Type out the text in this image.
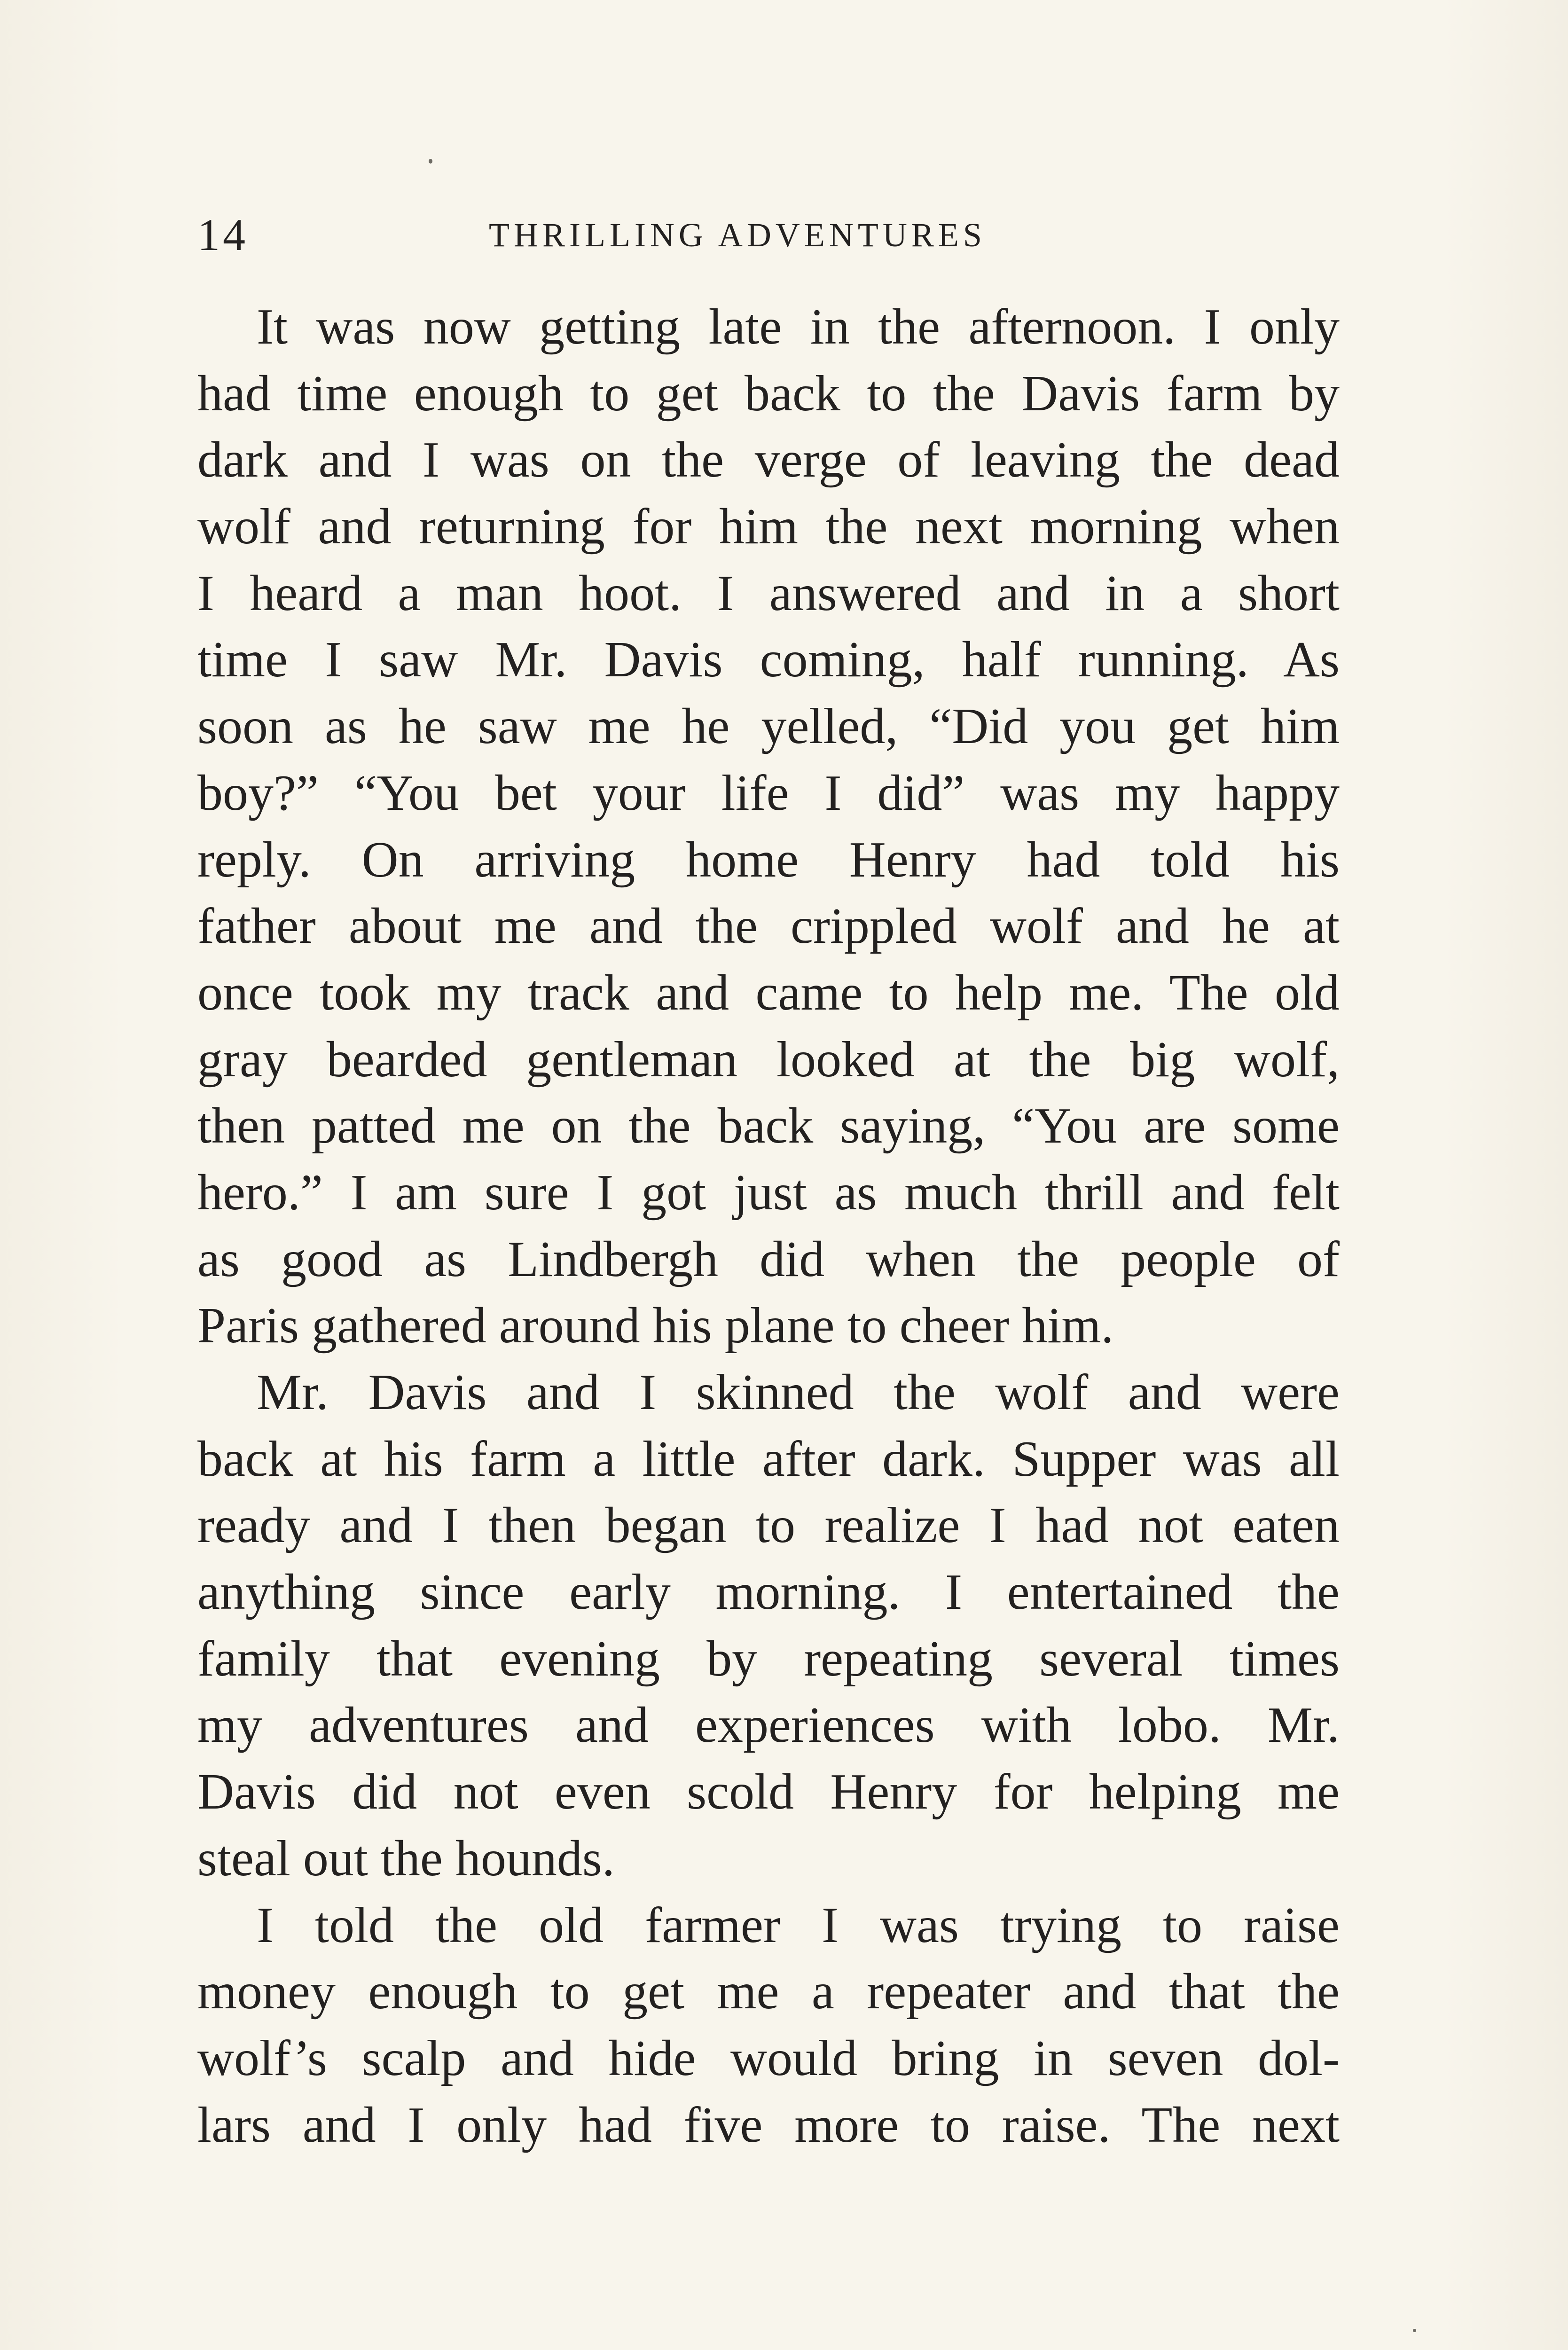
14	THRILLING ADVENTURES
It was now getting late in the afternoon. I only
had time enough to get back to the Davis farm by
dark and I was on the verge of leaving the dead
wolf and returning for him the next morning when
I heard a man hoot. I answered and in a short
time I saw Mr. Davis coming, half running. As
soon as he saw me he yelled, “Did you get him
boy?” “You bet your life I did” was my happy
reply. On arriving home Henry had told his
father about me and the crippled wolf and he at
once took my track and came to help me. The old
gray bearded gentleman looked at the big wolf,
then patted me on the back saying, “You are some
hero.” I am sure I got just as much thrill and felt
as good as Lindbergh did when the people of
Paris gathered around his plane to cheer him.
Mr. Davis and I skinned the wolf and were
back at his farm a little after dark. Supper was all
ready and I then began to realize I had not eaten
anything since early morning. I entertained the
family that evening by repeating several times
my adventures and experiences with lobo. Mr.
Davis did not even scold Henry for helping me
steal out the hounds.
I told the old farmer I was trying to raise
money enough to get me a repeater and that the
wolf’s scalp and hide would bring in seven dol-
lars and I only had five more to raise. The next
